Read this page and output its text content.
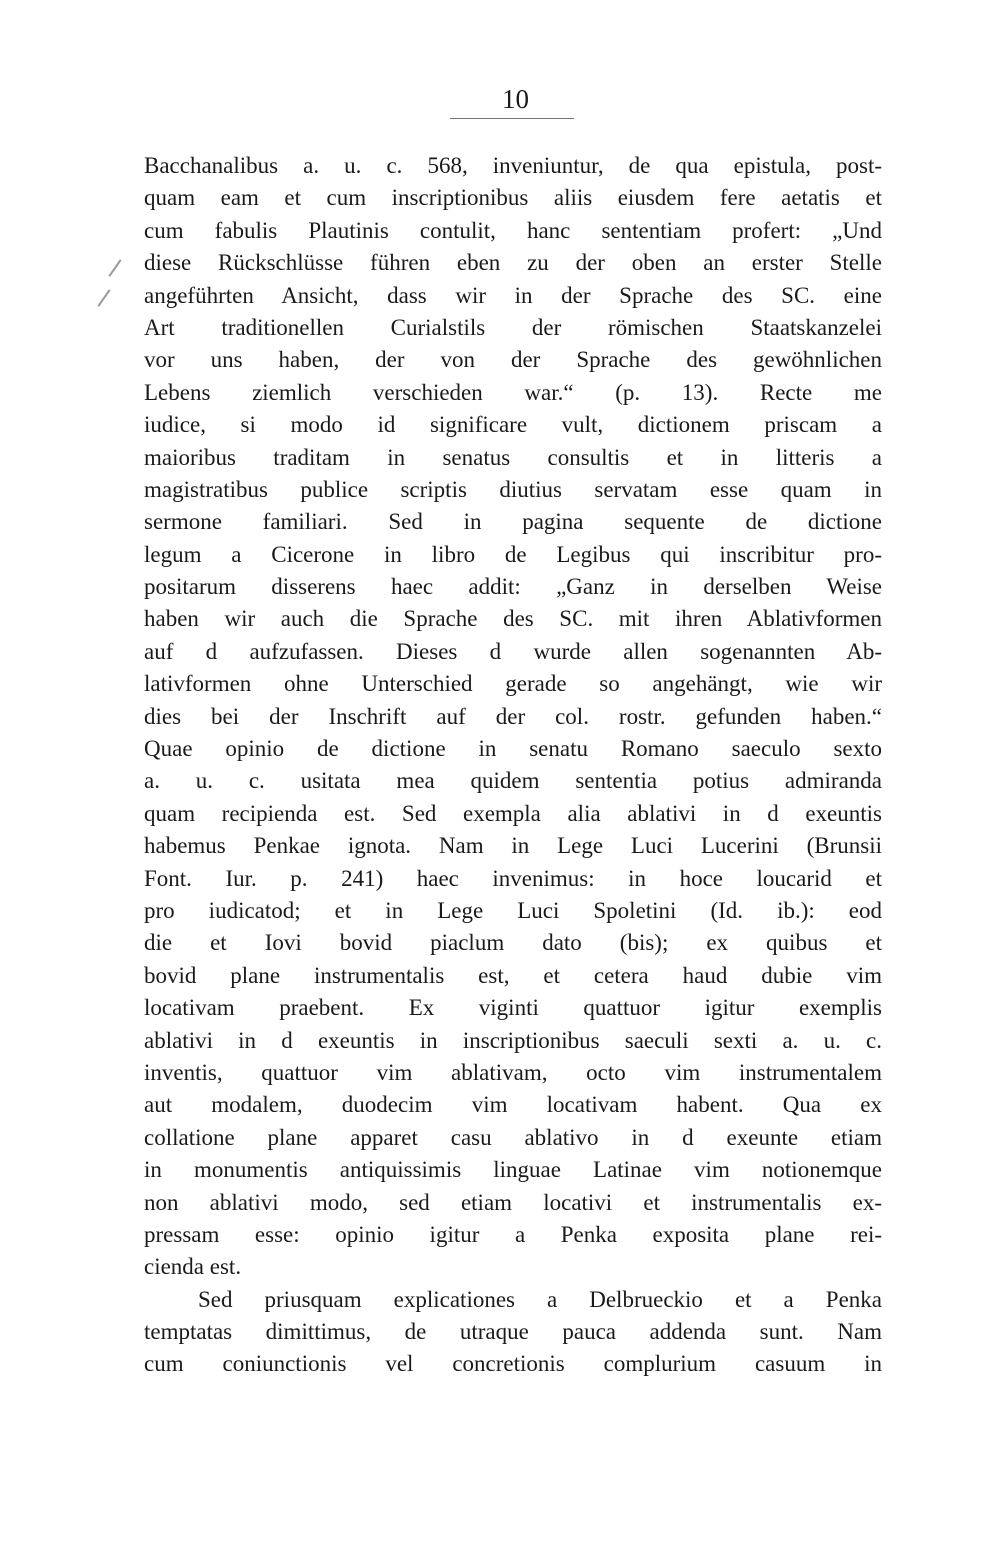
10
Bacchanalibus a. u. c. 568, inveniuntur, de qua epistula, post-
quam eam et cum inscriptionibus aliis eiusdem fere aetatis et
cum fabulis Plautinis contulit, hanc sententiam profert: „Und
diese Rückschlüsse führen eben zu der oben an erster Stelle
angeführten Ansicht, dass wir in der Sprache des SC. eine
Art traditionellen Curialstils der römischen Staatskanzelei
vor uns haben, der von der Sprache des gewöhnlichen
Lebens ziemlich verschieden war.“ (p. 13). Recte me
iudice, si modo id significare vult, dictionem priscam a
maioribus traditam in senatus consultis et in litteris a
magistratibus publice scriptis diutius servatam esse quam in
sermone familiari. Sed in pagina sequente de dictione
legum a Cicerone in libro de Legibus qui inscribitur pro-
positarum disserens haec addit: „Ganz in derselben Weise
haben wir auch die Sprache des SC. mit ihren Ablativformen
auf d aufzufassen. Dieses d wurde allen sogenannten Ab-
lativformen ohne Unterschied gerade so angehängt, wie wir
dies bei der Inschrift auf der col. rostr. gefunden haben.“
Quae opinio de dictione in senatu Romano saeculo sexto
a. u. c. usitata mea quidem sententia potius admiranda
quam recipienda est. Sed exempla alia ablativi in d exeuntis
habemus Penkae ignota. Nam in Lege Luci Lucerini (Brunsii
Font. Iur. p. 241) haec invenimus: in hoce loucarid et
pro iudicatod; et in Lege Luci Spoletini (Id. ib.): eod
die et Iovi bovid piaclum dato (bis); ex quibus et
bovid plane instrumentalis est, et cetera haud dubie vim
locativam praebent. Ex viginti quattuor igitur exemplis
ablativi in d exeuntis in inscriptionibus saeculi sexti a. u. c.
inventis, quattuor vim ablativam, octo vim instrumentalem
aut modalem, duodecim vim locativam habent. Qua ex
collatione plane apparet casu ablativo in d exeunte etiam
in monumentis antiquissimis linguae Latinae vim notionemque
non ablativi modo, sed etiam locativi et instrumentalis ex-
pressam esse: opinio igitur a Penka exposita plane rei-
cienda est.
Sed priusquam explicationes a Delbrueckio et a Penka
temptatas dimittimus, de utraque pauca addenda sunt. Nam
cum coniunctionis vel concretionis complurium casuum in
